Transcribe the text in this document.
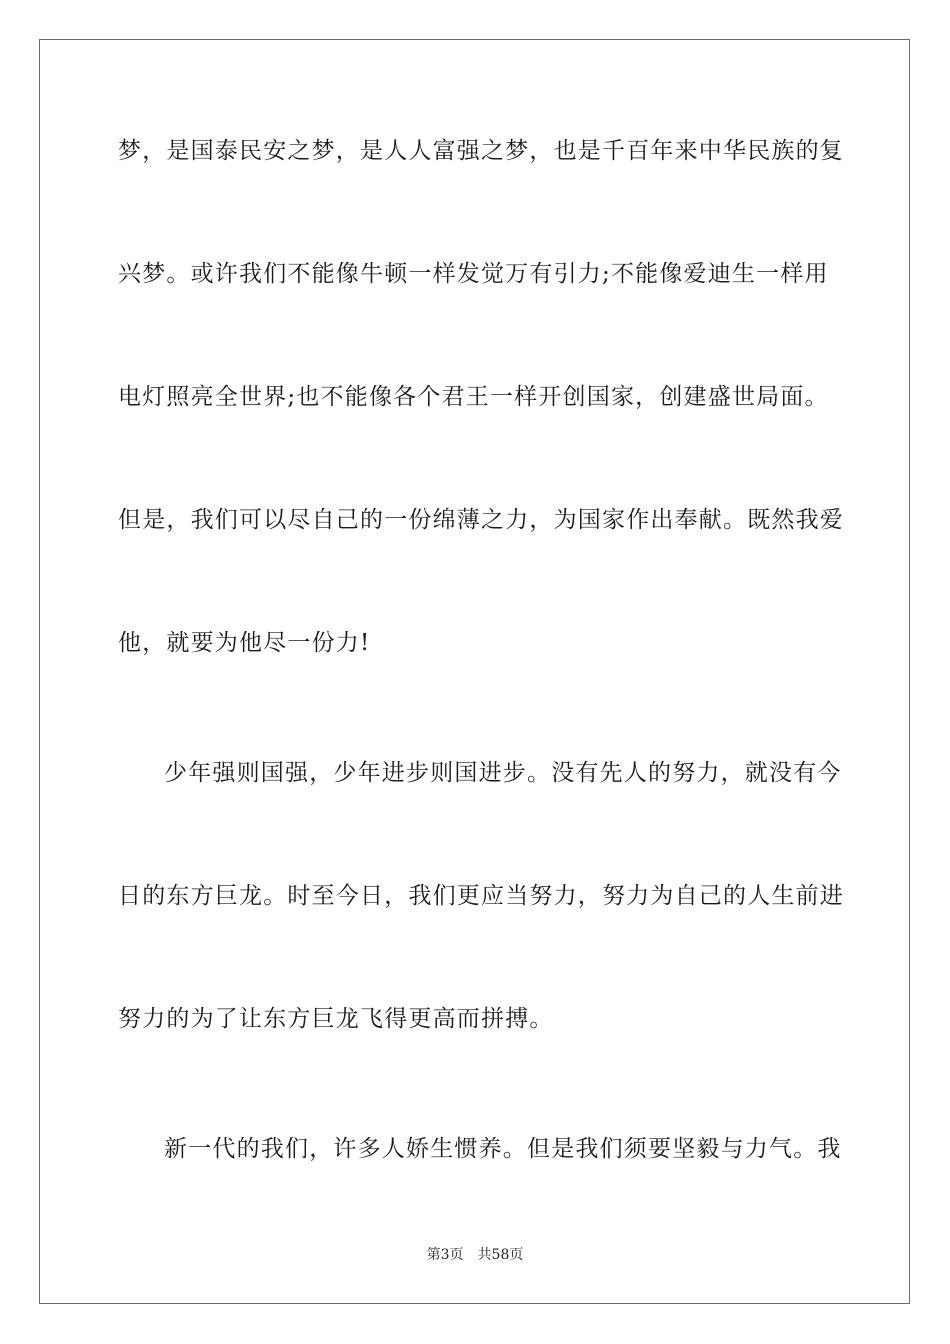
梦，是国泰民安之梦，是人人富强之梦，也是千百年来中华民族的复
兴梦。或许我们不能像牛顿一样发觉万有引力;不能像爱迪生一样用
电灯照亮全世界;也不能像各个君王一样开创国家，创建盛世局面。
但是，我们可以尽自己的一份绵薄之力，为国家作出奉献。既然我爱
他，就要为他尽一份力!
少年强则国强，少年进步则国进步。没有先人的努力，就没有今
日的东方巨龙。时至今日，我们更应当努力，努力为自己的人生前进
努力的为了让东方巨龙飞得更高而拼搏。
新一代的我们，许多人娇生惯养。但是我们须要坚毅与力气。我
第3页 共58页
